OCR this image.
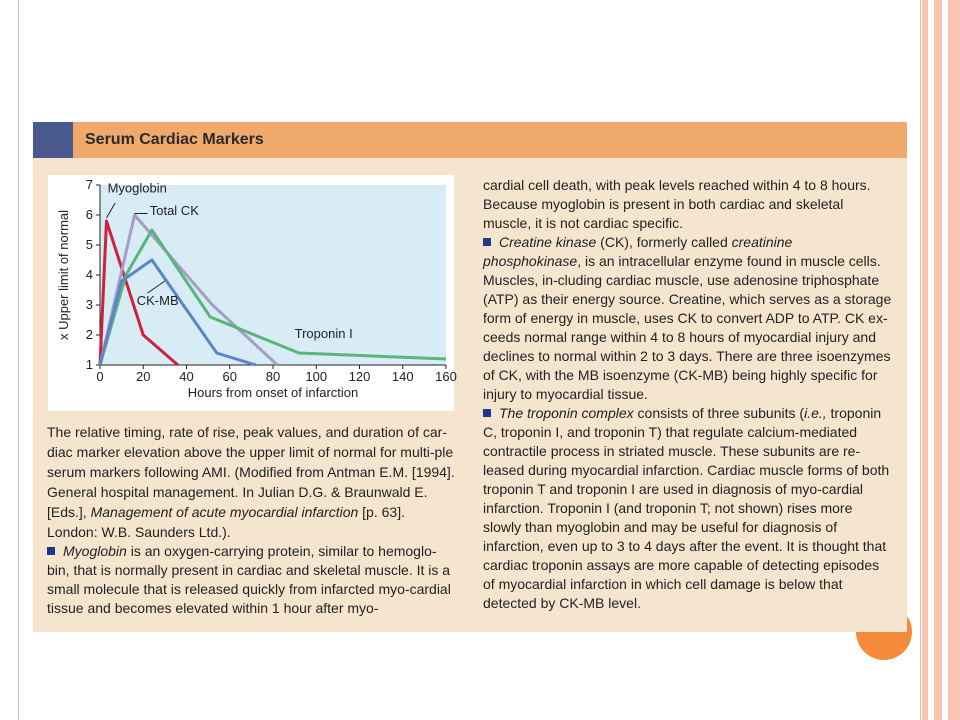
Serum Cardiac Markers
0 20 40 60 80 100 120 140 160
1
2
3
4
5
6
7
Hours from onset of infarction
x Upper limit of normal
Myoglobin
Total CK
Troponin I
CK-MB
The relative timing, rate of rise, peak values, and duration of car-diac marker elevation above the upper limit of normal for multi-ple serum markers following AMI. (Modified from Antman E.M. [1994]. General hospital management. In Julian D.G. & Braunwald E. [Eds.], Management of acute myocardial infarction [p. 63]. London: W.B. Saunders Ltd.).
Myoglobin is an oxygen-carrying protein, similar to hemoglo-bin, that is normally present in cardiac and skeletal muscle. It is a small molecule that is released quickly from infarcted myo-cardial tissue and becomes elevated within 1 hour after myo-
cardial cell death, with peak levels reached within 4 to 8 hours. Because myoglobin is present in both cardiac and skeletal muscle, it is not cardiac specific.
Creatine kinase (CK), formerly called creatinine phosphokinase, is an intracellular enzyme found in muscle cells. Muscles, in-cluding cardiac muscle, use adenosine triphosphate (ATP) as their energy source. Creatine, which serves as a storage form of energy in muscle, uses CK to convert ADP to ATP. CK ex-ceeds normal range within 4 to 8 hours of myocardial injury and declines to normal within 2 to 3 days. There are three isoenzymes of CK, with the MB isoenzyme (CK-MB) being highly specific for injury to myocardial tissue.
The troponin complex consists of three subunits (i.e., troponin C, troponin I, and troponin T) that regulate calcium-mediated contractile process in striated muscle. These subunits are re-leased during myocardial infarction. Cardiac muscle forms of both troponin T and troponin I are used in diagnosis of myo-cardial infarction. Troponin I (and troponin T; not shown) rises more slowly than myoglobin and may be useful for diagnosis of infarction, even up to 3 to 4 days after the event. It is thought that cardiac troponin assays are more capable of detecting episodes of myocardial infarction in which cell damage is below that detected by CK-MB level.
